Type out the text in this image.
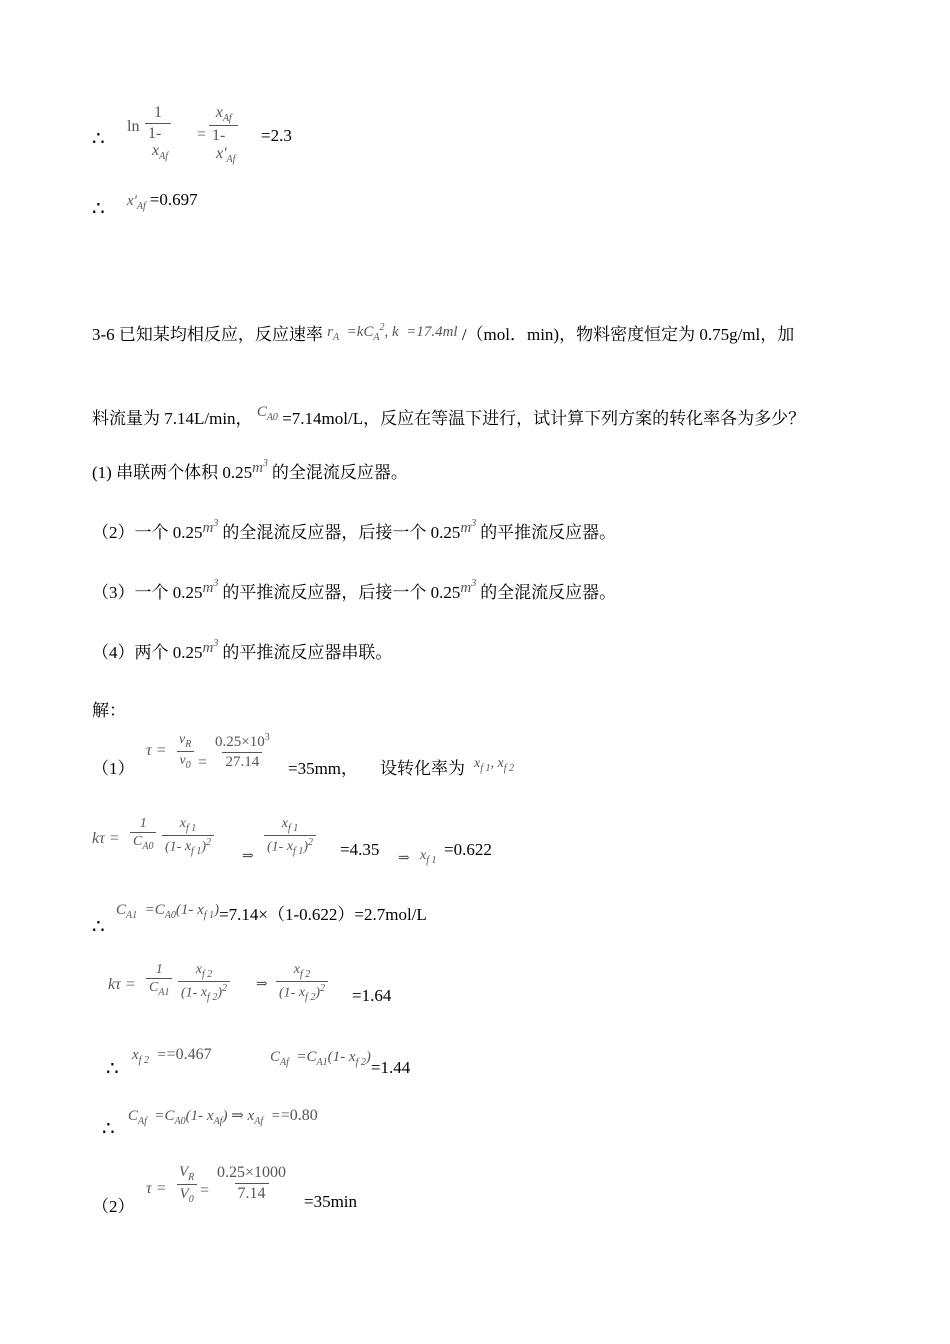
∴
ln
1
1-  $x_{Af}$
=
$x_{Af}$
1-  $x'_{Af}$
=2.3
∴ $x'_{Af} =0.697$
3-6 已知某均相反应，反应速率 $r_A =kC_A^2$, k  =17.4ml /（mol．min)，物料密度恒定为 0.75g/ml，加
料流量为 7.14L/min， $C_{A0} =7.14mol/L$，反应在等温下进行，试计算下列方案的转化率各为多少？
(1) 串联两个体积 $0.25m^3$ 的全混流反应器。
（2）一个 $0.25m^3$ 的全混流反应器，后接一个 $0.25m^3$ 的平推流反应器。
（3）一个 $0.25m^3$ 的平推流反应器，后接一个 $0.25m^3$ 的全混流反应器。
（4）两个 $0.25m^3$ 的平推流反应器串联。
解：
（1）
$\tau = \frac{v_R}{v_0} = \frac{0.25\times 10^3}{27.14} =35mm$， 设转化率为 $x_{f 1}$, $x_{f 2}$
$k\tau = \frac{1}{C_{A0}} \frac{x_{f 1}}{(1- x_{f 1})^2}$ ⇒ $\frac{x_{f 1}}{(1- x_{f 1})^2} =4.35$ ⇒ $x_{f 1}$
=0.622
∴
$C_{A1} =C_{A0}(1-$ $x_{f 1})=7.14\times(1-0.622)=2.7mol/L$
$k\tau = \frac{1}{C_{A1}} \frac{x_{f 2}}{(1- x_{f 2})^2}$ ⇒ $\frac{x_{f 2}}{(1- x_{f 2})^2} =1.64$
∴
$x_{f 2} ==0.467$	$C_{Af} =C_{A1}(1-$ $x_{f 2})=1.44$
∴
$C_{Af} =C_{A0}(1-$ $x_{Af}$) ⇒ $x_{Af} ==0.80$
（2）
$\tau = \frac{V_R}{V_0} = \frac{0.25\times 1000}{7.14} =35\min$
